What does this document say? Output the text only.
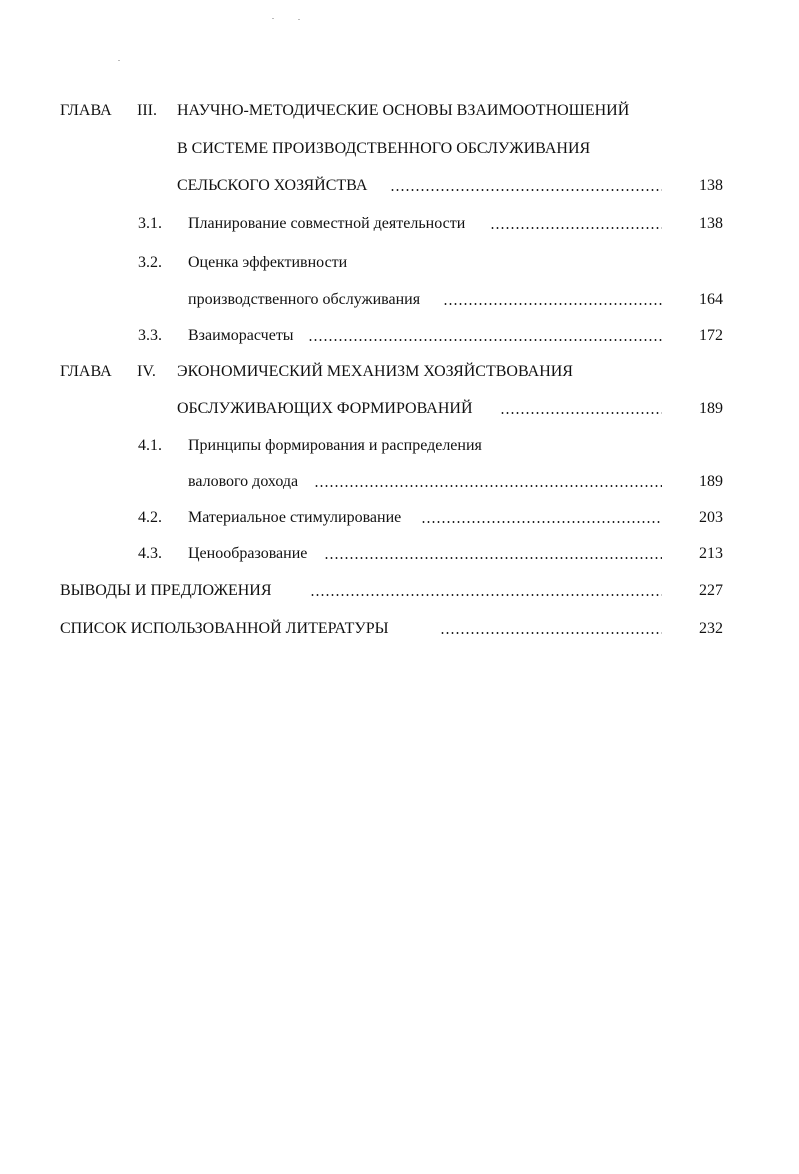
ГЛАВА III. НАУЧНО-МЕТОДИЧЕСКИЕ ОСНОВЫ ВЗАИМООТНОШЕНИЙ
В СИСТЕМЕ ПРОИЗВОДСТВЕННОГО ОБСЛУЖИВАНИЯ
СЕЛЬСКОГО ХОЗЯЙСТВА	138
3.1. Планирование совместной деятельности	138
3.2. Оценка эффективности
производственного обслуживания	164
3.3. Взаиморасчеты	172
ГЛАВА IV. ЭКОНОМИЧЕСКИЙ МЕХАНИЗМ ХОЗЯЙСТВОВАНИЯ
ОБСЛУЖИВАЮЩИХ ФОРМИРОВАНИЙ	189
4.1. Принципы формирования и распределения
валового дохода	189
4.2. Материальное стимулирование	203
4.3. Ценообразование	213
ВЫВОДЫ И ПРЕДЛОЖЕНИЯ	227
СПИСОК ИСПОЛЬЗОВАННОЙ ЛИТЕРАТУРЫ	232
